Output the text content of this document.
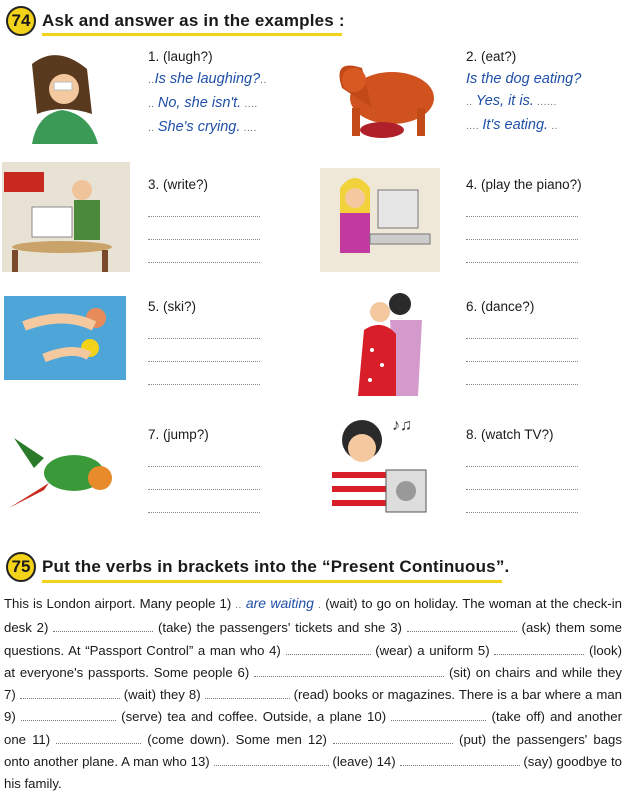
74 Ask and answer as in the examples :
♪♫
1. (laugh?)
..Is she laughing?..
.. No, she isn't. ....
.. She's crying. ....
2. (eat?)
Is the dog eating?
.. Yes, it is. ......
.... It's eating. ..
3. (write?)	4. (play the piano?)
5. (ski?)	6. (dance?)
7. (jump?)	8. (watch TV?)
75 Put the verbs in brackets into the “Present Continuous”.
This is London airport. Many people 1) .. are waiting . (wait) to go on holiday. The woman at the check-in desk 2)	(take) the passengers' tickets and she 3)	(ask) them some questions. At “Passport Control” a man who 4)	(wear) a uniform 5)	(look) at everyone's passports. Some people 6)	(sit) on chairs and while they 7)	(wait) they 8)	(read) books or magazines. There is a bar where a man 9)	(serve) tea and coffee. Outside, a plane 10)	(take off) and another one 11)	(come down). Some men 12)	(put) the passengers' bags onto another plane. A man who 13)	(leave) 14)	(say) goodbye to his family.
